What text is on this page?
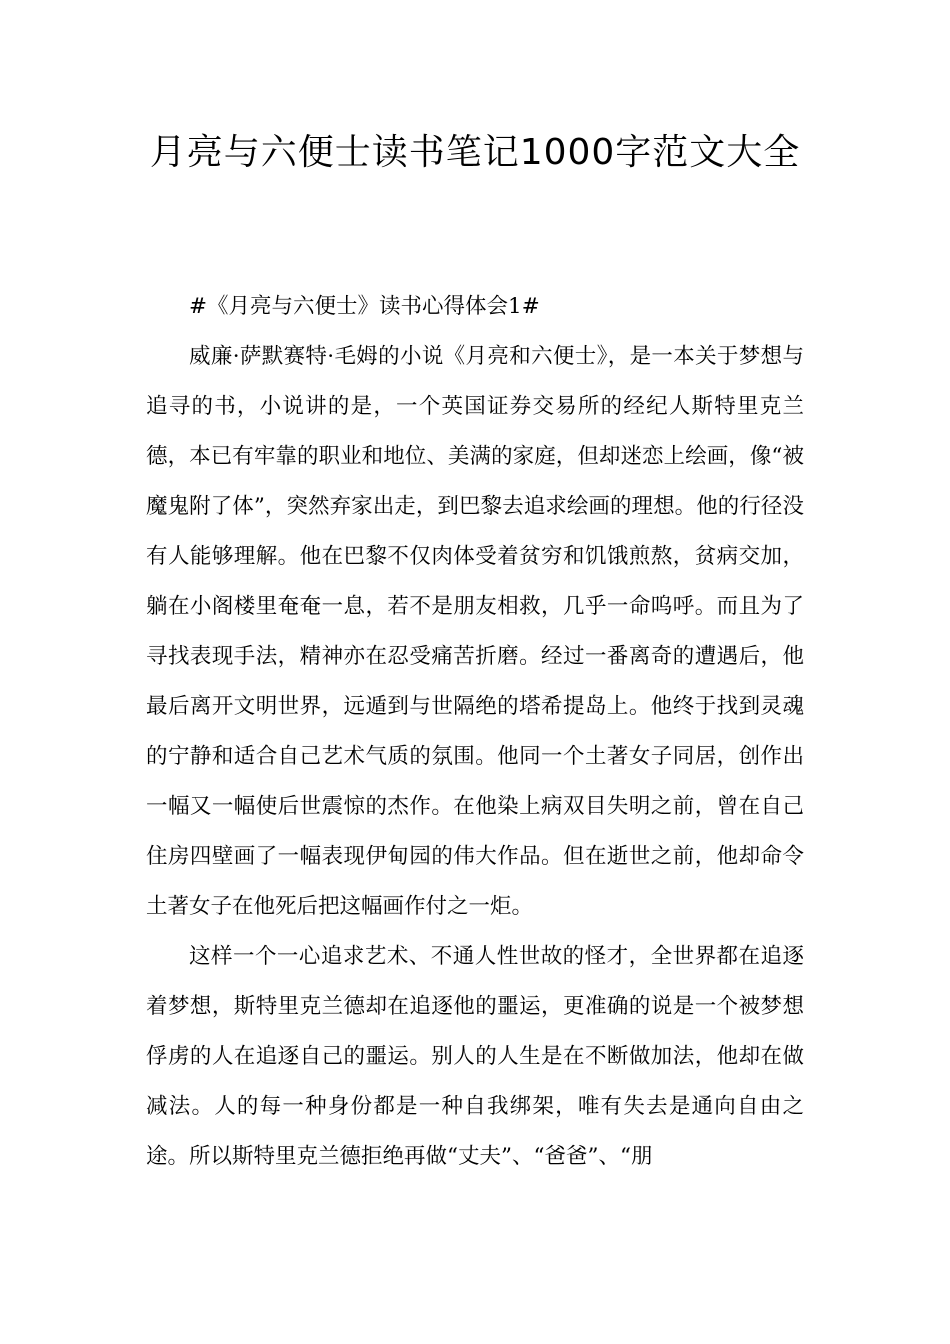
月亮与六便士读书笔记1000字范文大全

#《月亮与六便士》读书心得体会1#

威廉·萨默赛特·毛姆的小说《月亮和六便士》，是一本关于梦想与追寻的书，小说讲的是，一个英国证券交易所的经纪人斯特里克兰德，本已有牢靠的职业和地位、美满的家庭，但却迷恋上绘画，像“被魔鬼附了体”，突然弃家出走，到巴黎去追求绘画的理想。他的行径没有人能够理解。他在巴黎不仅肉体受着贫穷和饥饿煎熬，贫病交加，躺在小阁楼里奄奄一息，若不是朋友相救，几乎一命呜呼。而且为了寻找表现手法，精神亦在忍受痛苦折磨。经过一番离奇的遭遇后，他最后离开文明世界，远遁到与世隔绝的塔希提岛上。他终于找到灵魂的宁静和适合自己艺术气质的氛围。他同一个土著女子同居，创作出一幅又一幅使后世震惊的杰作。在他染上病双目失明之前，曾在自己住房四壁画了一幅表现伊甸园的伟大作品。但在逝世之前，他却命令土著女子在他死后把这幅画作付之一炬。

这样一个一心追求艺术、不通人性世故的怪才，全世界都在追逐着梦想，斯特里克兰德却在追逐他的噩运，更准确的说是一个被梦想俘虏的人在追逐自己的噩运。别人的人生是在不断做加法，他却在做减法。人的每一种身份都是一种自我绑架，唯有失去是通向自由之途。所以斯特里克兰德拒绝再做“丈夫”、“爸爸”、“朋
